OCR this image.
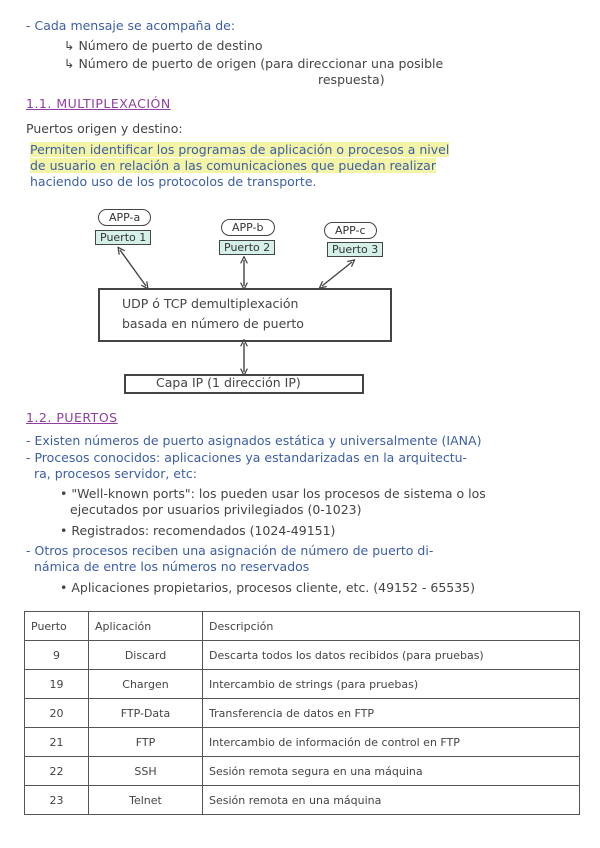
- Cada mensaje se acompaña de:
↳ Número de puerto de destino
↳ Número de puerto de origen (para direccionar una posible
respuesta)
1.1. MULTIPLEXACIÓN
Puertos origen y destino:
Permiten identificar los programas de aplicación o procesos a nivel
de usuario en relación a las comunicaciones que puedan realizar
haciendo uso de los protocolos de transporte.
APP-a
Puerto 1
APP-b
Puerto 2
APP-c
Puerto 3
UDP ó TCP demultiplexación
basada en número de puerto
Capa IP (1 dirección IP)
1.2. PUERTOS
- Existen números de puerto asignados estática y universalmente (IANA)
- Procesos conocidos: aplicaciones ya estandarizadas en la arquitectu-
ra, procesos servidor, etc:
• "Well-known ports": los pueden usar los procesos de sistema o los
ejecutados por usuarios privilegiados (0-1023)
• Registrados: recomendados (1024-49151)
- Otros procesos reciben una asignación de número de puerto di-
námica de entre los números no reservados
• Aplicaciones propietarios, procesos cliente, etc. (49152 - 65535)
Puerto	Aplicación	Descripción
9	Discard	Descarta todos los datos recibidos (para pruebas)
19	Chargen	Intercambio de strings (para pruebas)
20	FTP-Data	Transferencia de datos en FTP
21	FTP	Intercambio de información de control en FTP
22	SSH	Sesión remota segura en una máquina
23	Telnet	Sesión remota en una máquina
